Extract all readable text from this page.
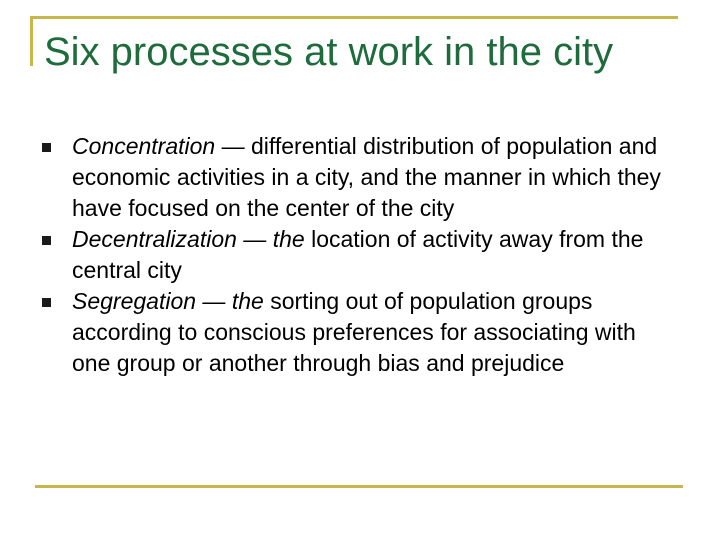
Six processes at work in the city
Concentration — differential distribution of population and economic activities in a city, and the manner in which they have focused on the center of the city
Decentralization — the location of activity away from the central city
Segregation — the sorting out of population groups according to conscious preferences for associating with one group or another through bias and prejudice
